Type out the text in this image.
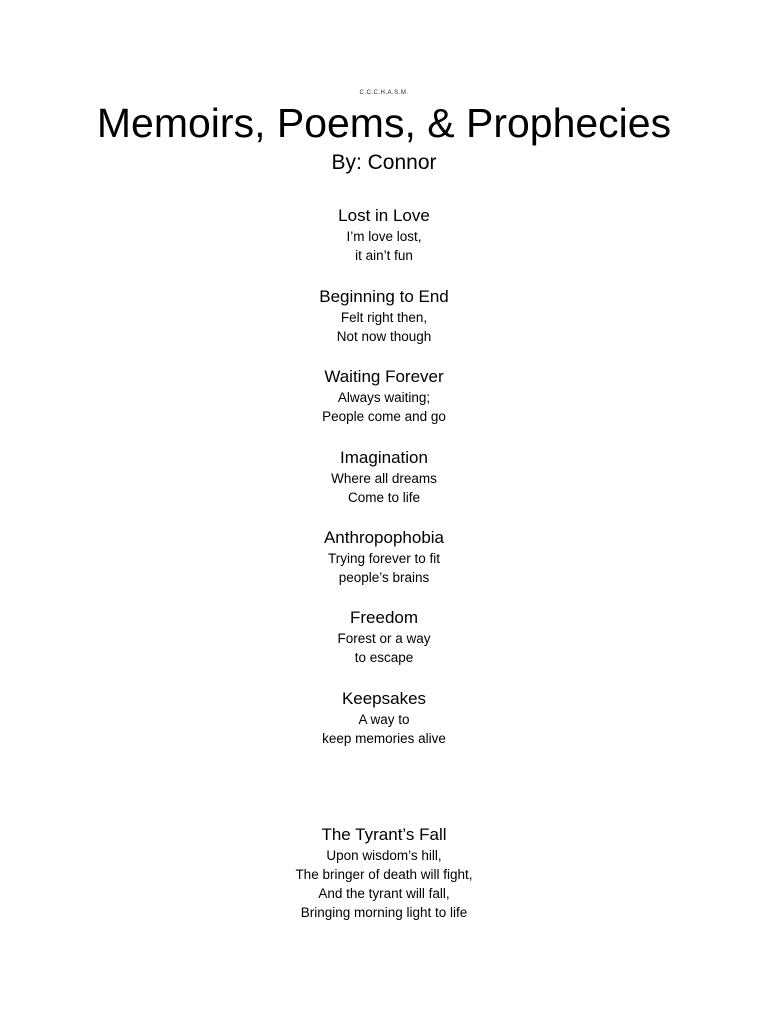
C.C.C.H.A.S.M.
Memoirs, Poems, & Prophecies
By: Connor
Lost in Love
I’m love lost,
it ain’t fun
Beginning to End
Felt right then,
Not now though
Waiting Forever
Always waiting;
People come and go
Imagination
Where all dreams
Come to life
Anthropophobia
Trying forever to fit
people’s brains
Freedom
Forest or a way
to escape
Keepsakes
A way to
keep memories alive
The Tyrant’s Fall
Upon wisdom’s hill,
The bringer of death will fight,
And the tyrant will fall,
Bringing morning light to life
